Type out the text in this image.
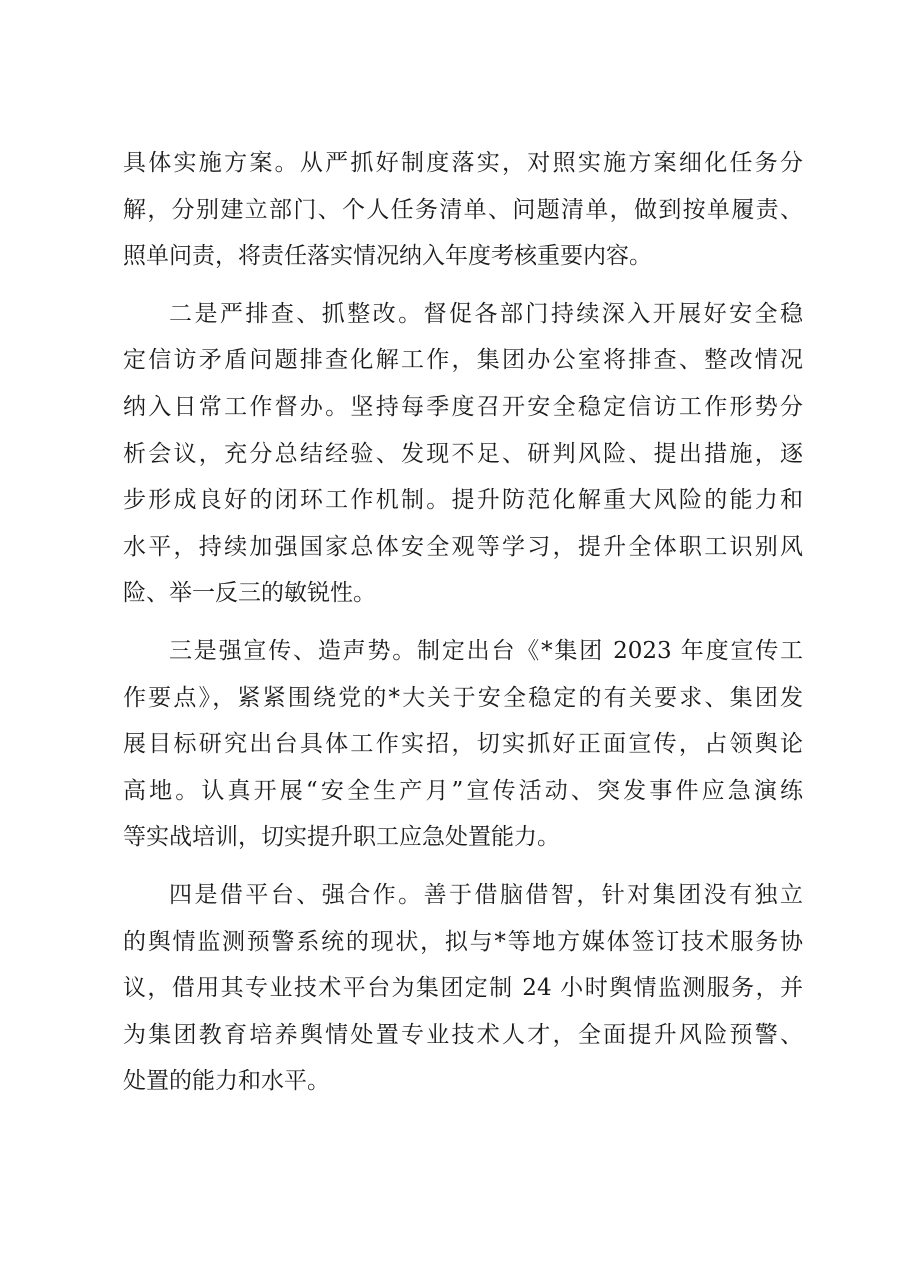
具体实施方案。从严抓好制度落实，对照实施方案细化任务分
解，分别建立部门、个人任务清单、问题清单，做到按单履责、
照单问责，将责任落实情况纳入年度考核重要内容。
二是严排查、抓整改。督促各部门持续深入开展好安全稳
定信访矛盾问题排查化解工作，集团办公室将排查、整改情况
纳入日常工作督办。坚持每季度召开安全稳定信访工作形势分
析会议，充分总结经验、发现不足、研判风险、提出措施，逐
步形成良好的闭环工作机制。提升防范化解重大风险的能力和
水平，持续加强国家总体安全观等学习，提升全体职工识别风
险、举一反三的敏锐性。
三是强宣传、造声势。制定出台《*集团 2023 年度宣传工
作要点》，紧紧围绕党的*大关于安全稳定的有关要求、集团发
展目标研究出台具体工作实招，切实抓好正面宣传，占领舆论
高地。认真开展“安全生产月”宣传活动、突发事件应急演练
等实战培训，切实提升职工应急处置能力。
四是借平台、强合作。善于借脑借智，针对集团没有独立
的舆情监测预警系统的现状，拟与*等地方媒体签订技术服务协
议，借用其专业技术平台为集团定制 24 小时舆情监测服务，并
为集团教育培养舆情处置专业技术人才，全面提升风险预警、
处置的能力和水平。
